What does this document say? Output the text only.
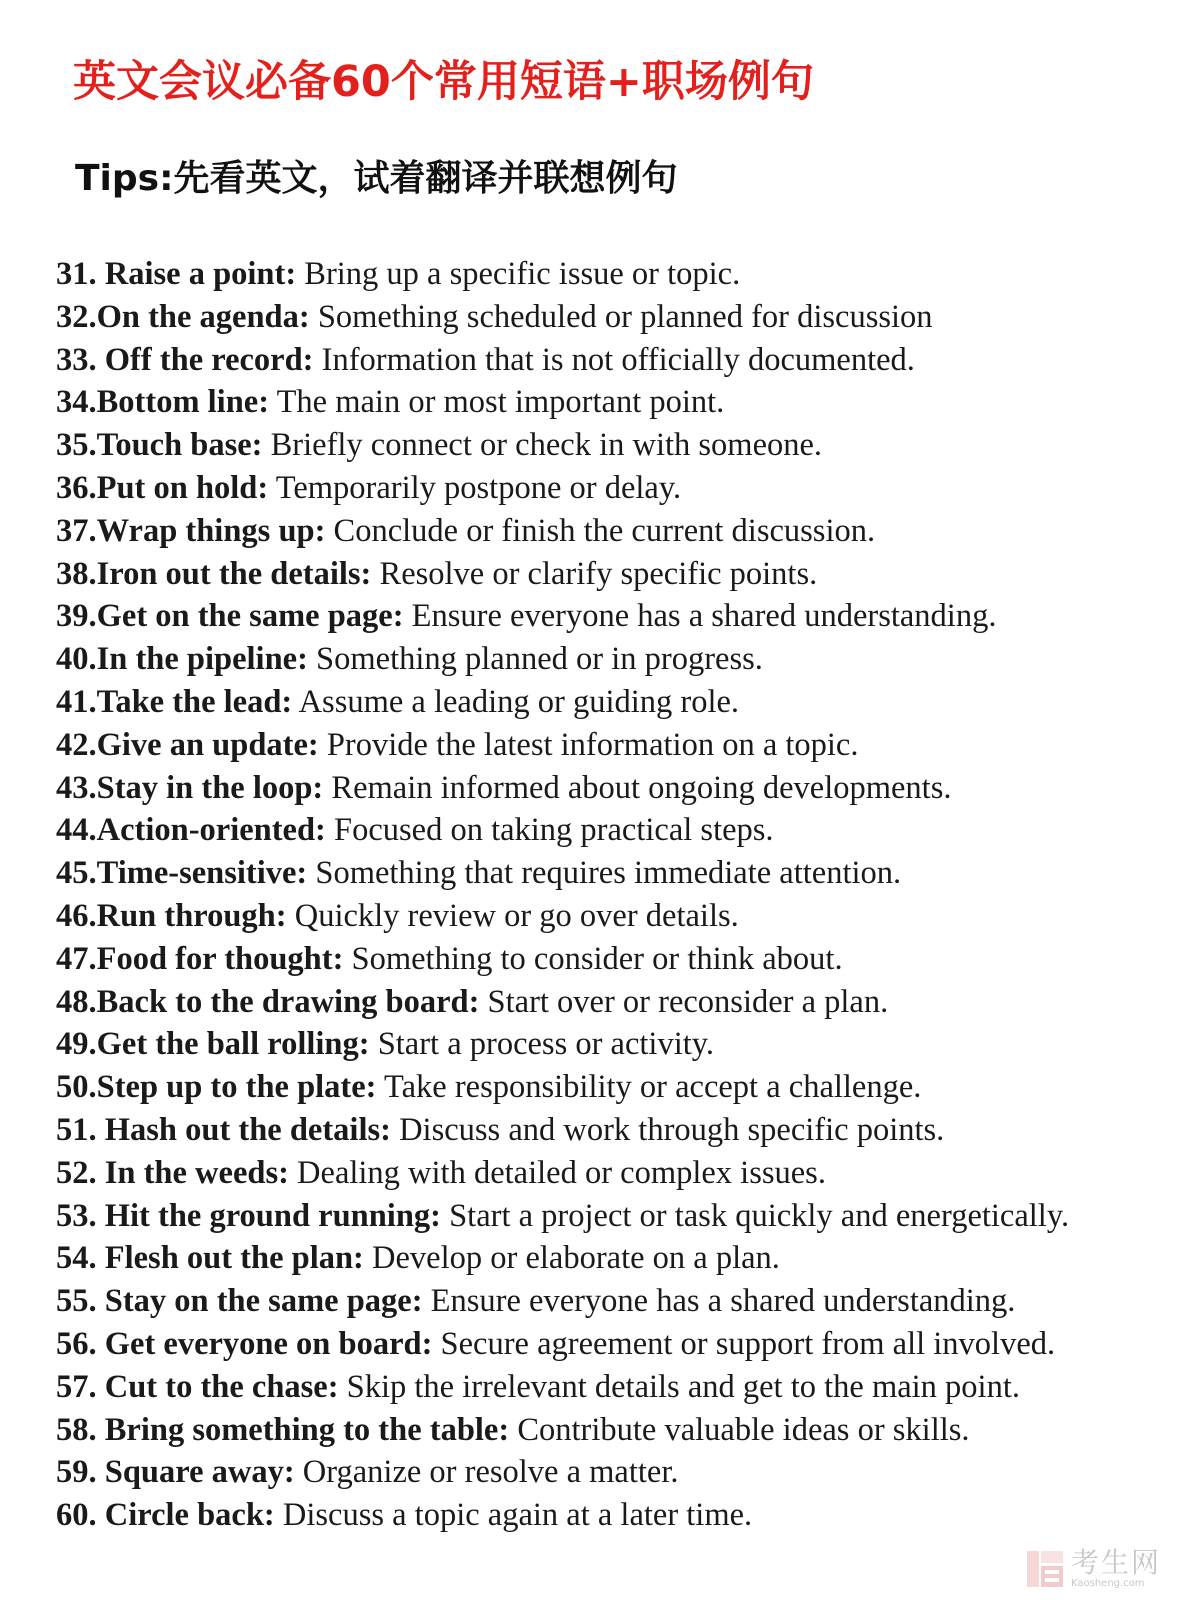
英文会议必备60个常用短语+职场例句
Tips:先看英文，试着翻译并联想例句
31. Raise a point: Bring up a specific issue or topic.
32.On the agenda: Something scheduled or planned for discussion
33. Off the record: Information that is not officially documented.
34.Bottom line: The main or most important point.
35.Touch base: Briefly connect or check in with someone.
36.Put on hold: Temporarily postpone or delay.
37.Wrap things up: Conclude or finish the current discussion.
38.Iron out the details: Resolve or clarify specific points.
39.Get on the same page: Ensure everyone has a shared understanding.
40.In the pipeline: Something planned or in progress.
41.Take the lead: Assume a leading or guiding role.
42.Give an update: Provide the latest information on a topic.
43.Stay in the loop: Remain informed about ongoing developments.
44.Action-oriented: Focused on taking practical steps.
45.Time-sensitive: Something that requires immediate attention.
46.Run through: Quickly review or go over details.
47.Food for thought: Something to consider or think about.
48.Back to the drawing board: Start over or reconsider a plan.
49.Get the ball rolling: Start a process or activity.
50.Step up to the plate: Take responsibility or accept a challenge.
51. Hash out the details: Discuss and work through specific points.
52. In the weeds: Dealing with detailed or complex issues.
53. Hit the ground running: Start a project or task quickly and energetically.
54. Flesh out the plan: Develop or elaborate on a plan.
55. Stay on the same page: Ensure everyone has a shared understanding.
56. Get everyone on board: Secure agreement or support from all involved.
57. Cut to the chase: Skip the irrelevant details and get to the main point.
58. Bring something to the table: Contribute valuable ideas or skills.
59. Square away: Organize or resolve a matter.
60. Circle back: Discuss a topic again at a later time.
考生网
Kaosheng.com
